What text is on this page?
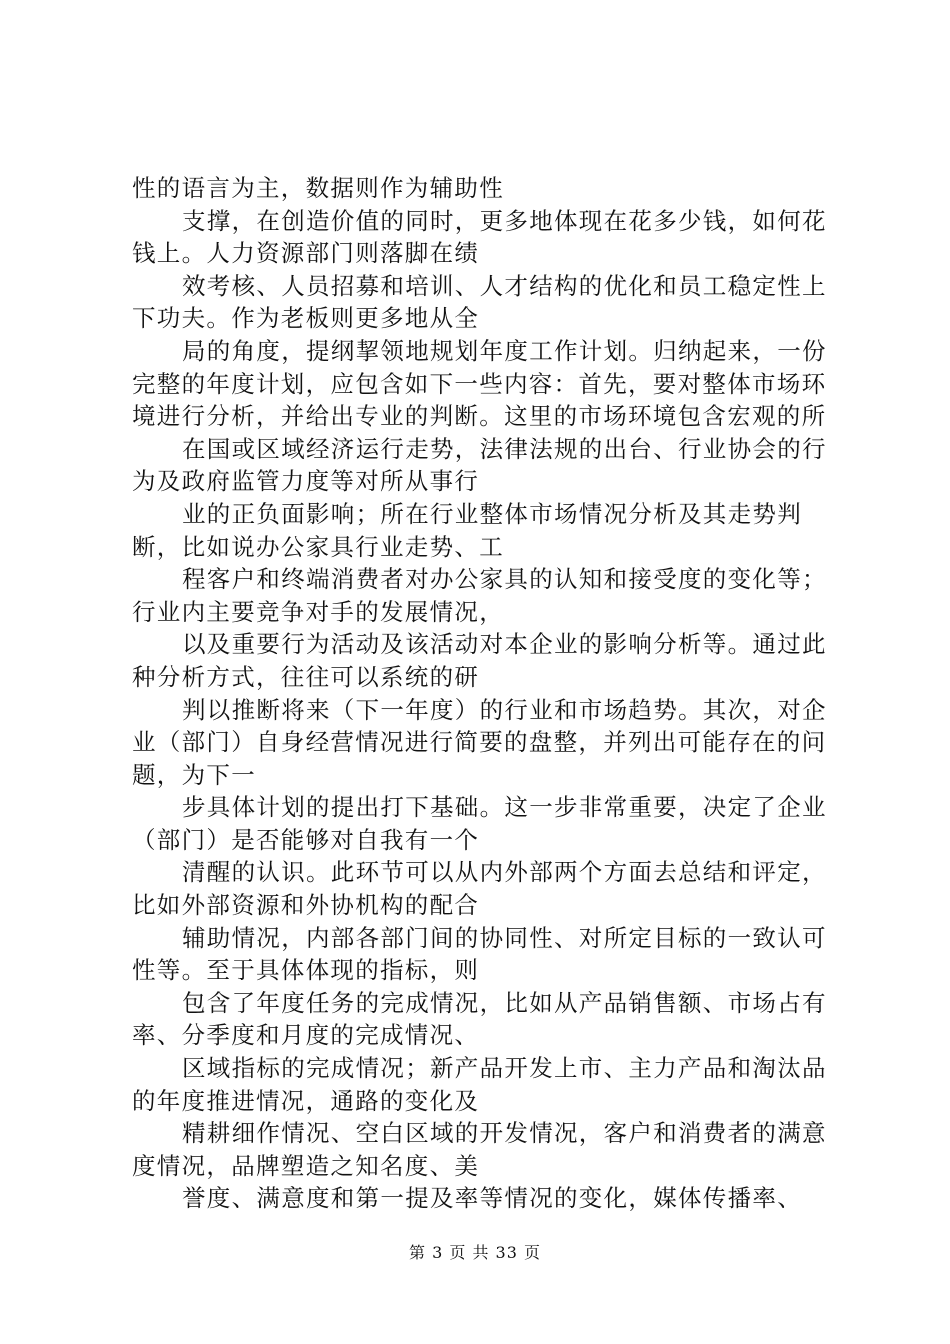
性的语言为主，数据则作为辅助性

支撑，在创造价值的同时，更多地体现在花多少钱，如何花钱上。人力资源部门则落脚在绩

效考核、人员招募和培训、人才结构的优化和员工稳定性上下功夫。作为老板则更多地从全

局的角度，提纲挈领地规划年度工作计划。归纳起来，一份完整的年度计划，应包含如下一些内容：首先，要对整体市场环境进行分析，并给出专业的判断。这里的市场环境包含宏观的所

在国或区域经济运行走势，法律法规的出台、行业协会的行为及政府监管力度等对所从事行

业的正负面影响；所在行业整体市场情况分析及其走势判断，比如说办公家具行业走势、工

程客户和终端消费者对办公家具的认知和接受度的变化等；行业内主要竞争对手的发展情况，

以及重要行为活动及该活动对本企业的影响分析等。通过此种分析方式，往往可以系统的研

判以推断将来（下一年度）的行业和市场趋势。其次，对企业（部门）自身经营情况进行简要的盘整，并列出可能存在的问题，为下一

步具体计划的提出打下基础。这一步非常重要，决定了企业（部门）是否能够对自我有一个

清醒的认识。此环节可以从内外部两个方面去总结和评定，比如外部资源和外协机构的配合

辅助情况，内部各部门间的协同性、对所定目标的一致认可性等。至于具体体现的指标，则

包含了年度任务的完成情况，比如从产品销售额、市场占有率、分季度和月度的完成情况、

区域指标的完成情况；新产品开发上市、主力产品和淘汰品的年度推进情况，通路的变化及

精耕细作情况、空白区域的开发情况，客户和消费者的满意度情况，品牌塑造之知名度、美

誉度、满意度和第一提及率等情况的变化，媒体传播率、

第 3 页 共 33 页
